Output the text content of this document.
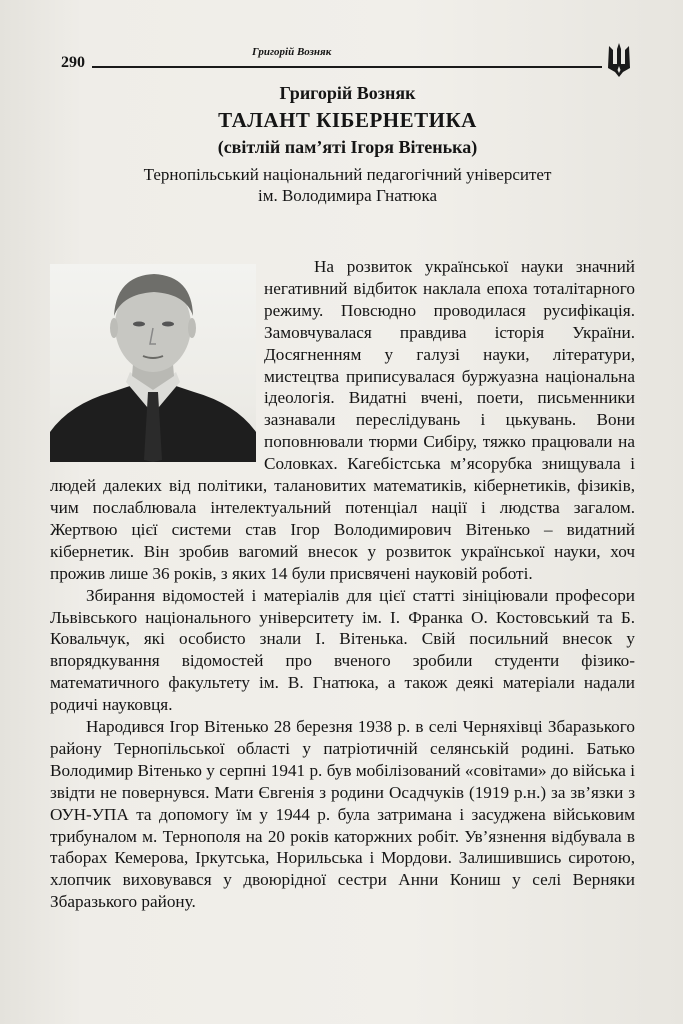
290
Григорій Возняк
Григорій Возняк
ТАЛАНТ КІБЕРНЕТИКА
(світлій пам’яті Ігоря Вітенька)
Тернопільський національний педагогічний університет
ім. Володимира Гнатюка

На розвиток української науки значний негативний відбиток наклала епоха тоталітарного режиму. Повсюдно проводилася русифікація. Замовчувалася правдива історія України. Досягненням у галузі науки, літератури, мистецтва приписувалася буржуазна національна ідеологія. Видатні вчені, поети, письменники зазнавали переслідувань і цькувань. Вони поповнювали тюрми Сибіру, тяжко працювали на Соловках. Кагебістська м’ясорубка знищувала і людей далеких від політики, талановитих математиків, кібернетиків, фізиків, чим послаблювала інтелектуальний потенціал нації і людства загалом. Жертвою цієї системи став Ігор Володимирович Вітенько – видатний кібернетик. Він зробив вагомий внесок у розвиток української науки, хоч прожив лише 36 років, з яких 14 були присвячені науковій роботі.

Збирання відомостей і матеріалів для цієї статті зініціювали професори Львівського національного університету ім. І. Франка О. Костовський та Б. Ковальчук, які особисто знали І. Вітенька. Свій посильний внесок у впорядкування відомостей про вченого зробили студенти фізико-математичного факультету ім. В. Гнатюка, а також деякі матеріали надали родичі науковця.

Народився Ігор Вітенько 28 березня 1938 р. в селі Черняхівці Збаразького району Тернопільської області у патріотичній селянській родині. Батько Володимир Вітенько у серпні 1941 р. був мобілізований «совітами» до війська і звідти не повернувся. Мати Євгенія з родини Осадчуків (1919 р.н.) за зв’язки з ОУН-УПА та допомогу їм у 1944 р. була затримана і засуджена військовим трибуналом м. Тернополя на 20 років каторжних робіт. Ув’язнення відбувала в таборах Кемерова, Іркутська, Норильська і Мордови. Залишившись сиротою, хлопчик виховувався у двоюрідної сестри Анни Кониш у селі Верняки Збаразького району.
